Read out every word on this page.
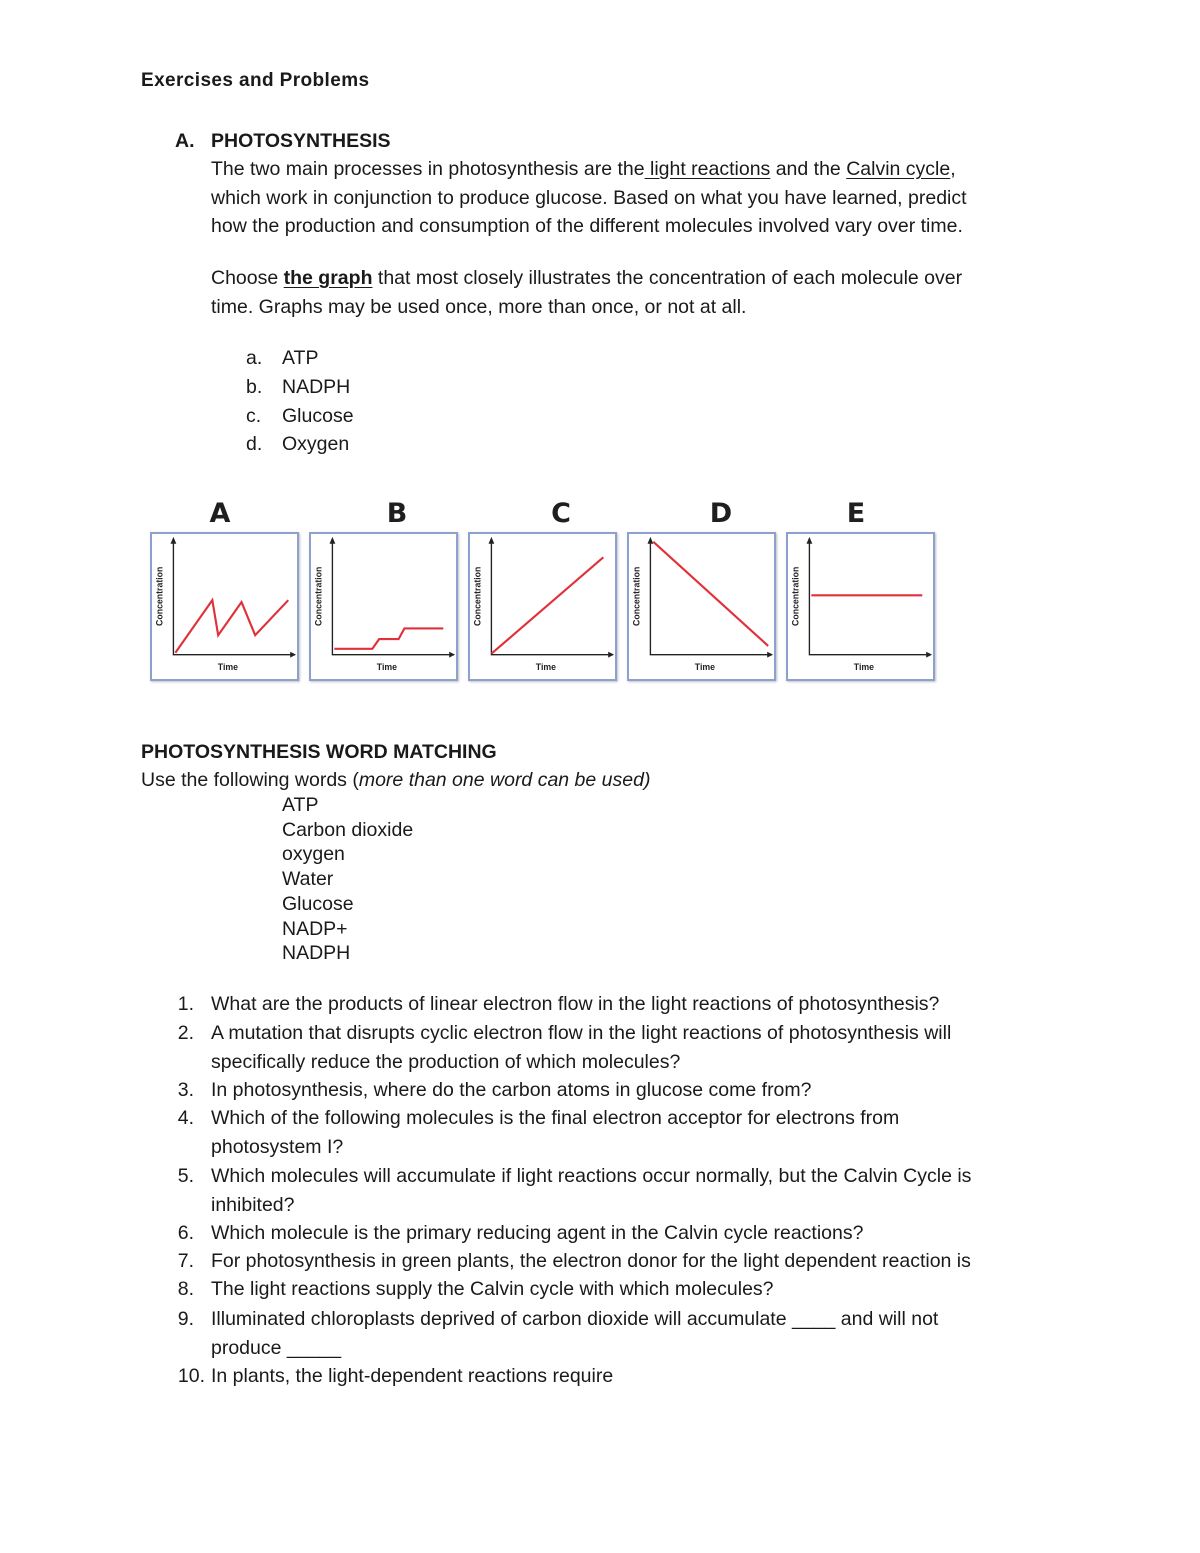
Exercises and Problems
A. PHOTOSYNTHESIS
The two main processes in photosynthesis are the light reactions and the Calvin cycle,
which work in conjunction to produce glucose. Based on what you have learned, predict
how the production and consumption of the different molecules involved vary over time.
Choose the graph that most closely illustrates the concentration of each molecule over
time. Graphs may be used once, more than once, or not at all.
a. ATP
b. NADPH
c. Glucose
d. Oxygen
A	B	C	D	E
Concentration
Time
Concentration
Time
Concentration
Time
Concentration
Time
Concentration
Time
PHOTOSYNTHESIS WORD MATCHING
Use the following words (more than one word can be used)
ATP
Carbon dioxide
oxygen
Water
Glucose
NADP+
NADPH
1. What are the products of linear electron flow in the light reactions of photosynthesis?
2. A mutation that disrupts cyclic electron flow in the light reactions of photosynthesis will
specifically reduce the production of which molecules?
3. In photosynthesis, where do the carbon atoms in glucose come from?
4. Which of the following molecules is the final electron acceptor for electrons from
photosystem I?
5. Which molecules will accumulate if light reactions occur normally, but the Calvin Cycle is
inhibited?
6. Which molecule is the primary reducing agent in the Calvin cycle reactions?
7. For photosynthesis in green plants, the electron donor for the light dependent reaction is
8. The light reactions supply the Calvin cycle with which molecules?
9. Illuminated chloroplasts deprived of carbon dioxide will accumulate ____ and will not
produce _____
10. In plants, the light-dependent reactions require
